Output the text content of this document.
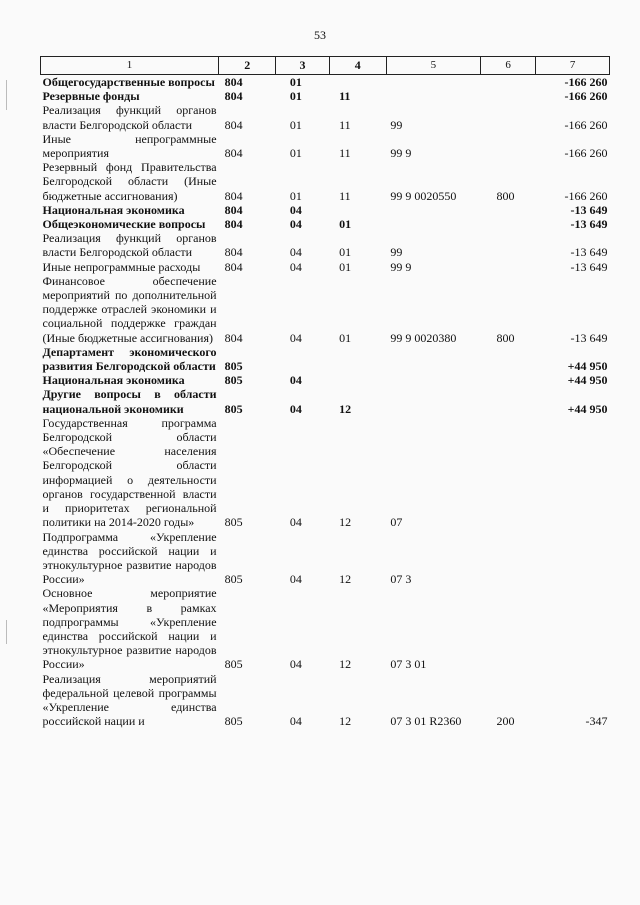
53
1	2	3	4	5	6	7
Общегосударственные вопросы	804	01				-166 260
Резервные фонды	804	01	11			-166 260
Реализация функций органов власти Белгородской области	804	01	11	99		-166 260
Иные непрограммные мероприятия	804	01	11	99 9		-166 260
Резервный фонд Правительства Белгородской области (Иные бюджетные ассигнования)	804	01	11	99 9 0020550	800	-166 260
Национальная экономика	804	04				-13 649
Общеэкономические вопросы	804	04	01			-13 649
Реализация функций органов власти Белгородской области	804	04	01	99		-13 649
Иные непрограммные расходы	804	04	01	99 9		-13 649
Финансовое обеспечение мероприятий по дополнительной поддержке отраслей экономики и социальной поддержке граждан (Иные бюджетные ассигнования)	804	04	01	99 9 0020380	800	-13 649
Департамент экономического развития Белгородской области	805					+44 950
Национальная экономика	805	04				+44 950
Другие вопросы в области национальной экономики	805	04	12			+44 950
Государственная программа Белгородской области «Обеспечение населения Белгородской области информацией о деятельности органов государственной власти и приоритетах региональной политики на 2014-2020 годы»	805	04	12	07		
Подпрограмма «Укрепление единства российской нации и этнокультурное развитие народов России»	805	04	12	07 3		
Основное мероприятие «Мероприятия в рамках подпрограммы «Укрепление единства российской нации и этнокультурное развитие народов России»	805	04	12	07 3 01		
Реализация мероприятий федеральной целевой программы «Укрепление единства российской нации и	805	04	12	07 3 01 R2360	200	-347
